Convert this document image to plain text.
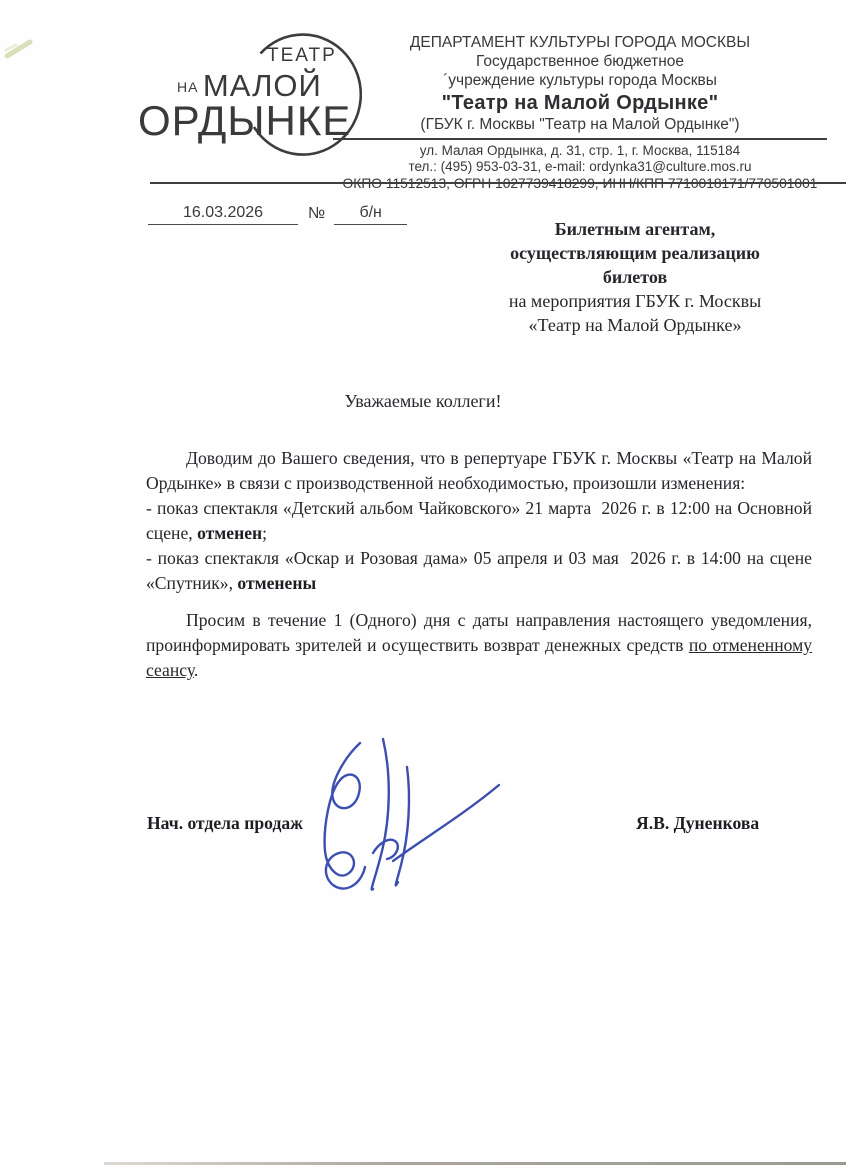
ТЕАТР
НА МАЛОЙ
ОРДЫНКЕ
ДЕПАРТАМЕНТ КУЛЬТУРЫ ГОРОДА МОСКВЫ
Государственное бюджетное
´учреждение культуры города Москвы
"Театр на Малой Ордынке"
(ГБУК г. Москвы "Театр на Малой Ордынке")
ул. Малая Ордынка, д. 31, стр. 1, г. Москва, 115184
тел.: (495) 953-03-31, e-mail: ordynka31@culture.mos.ru
16.03.2026	№	б/н
Билетным агентам,
осуществляющим реализацию
билетов
на мероприятия ГБУК г. Москвы
«Театр на Малой Ордынке»
Уважаемые коллеги!

Доводим до Вашего сведения, что в репертуаре ГБУК г. Москвы «Театр на Малой Ордынке» в связи с производственной необходимостью, произошли изменения:

- показ спектакля «Детский альбом Чайковского» 21 марта  2026 г. в 12:00 на Основной сцене, отменен;

- показ спектакля «Оскар и Розовая дама» 05 апреля и 03 мая  2026 г. в 14:00 на сцене «Спутник», отменены

Просим в течение 1 (Одного) дня с даты направления настоящего уведомления, проинформировать зрителей и осуществить возврат денежных средств по отмененному сеансу.

Нач. отдела продаж	Я.В. Дуненкова
